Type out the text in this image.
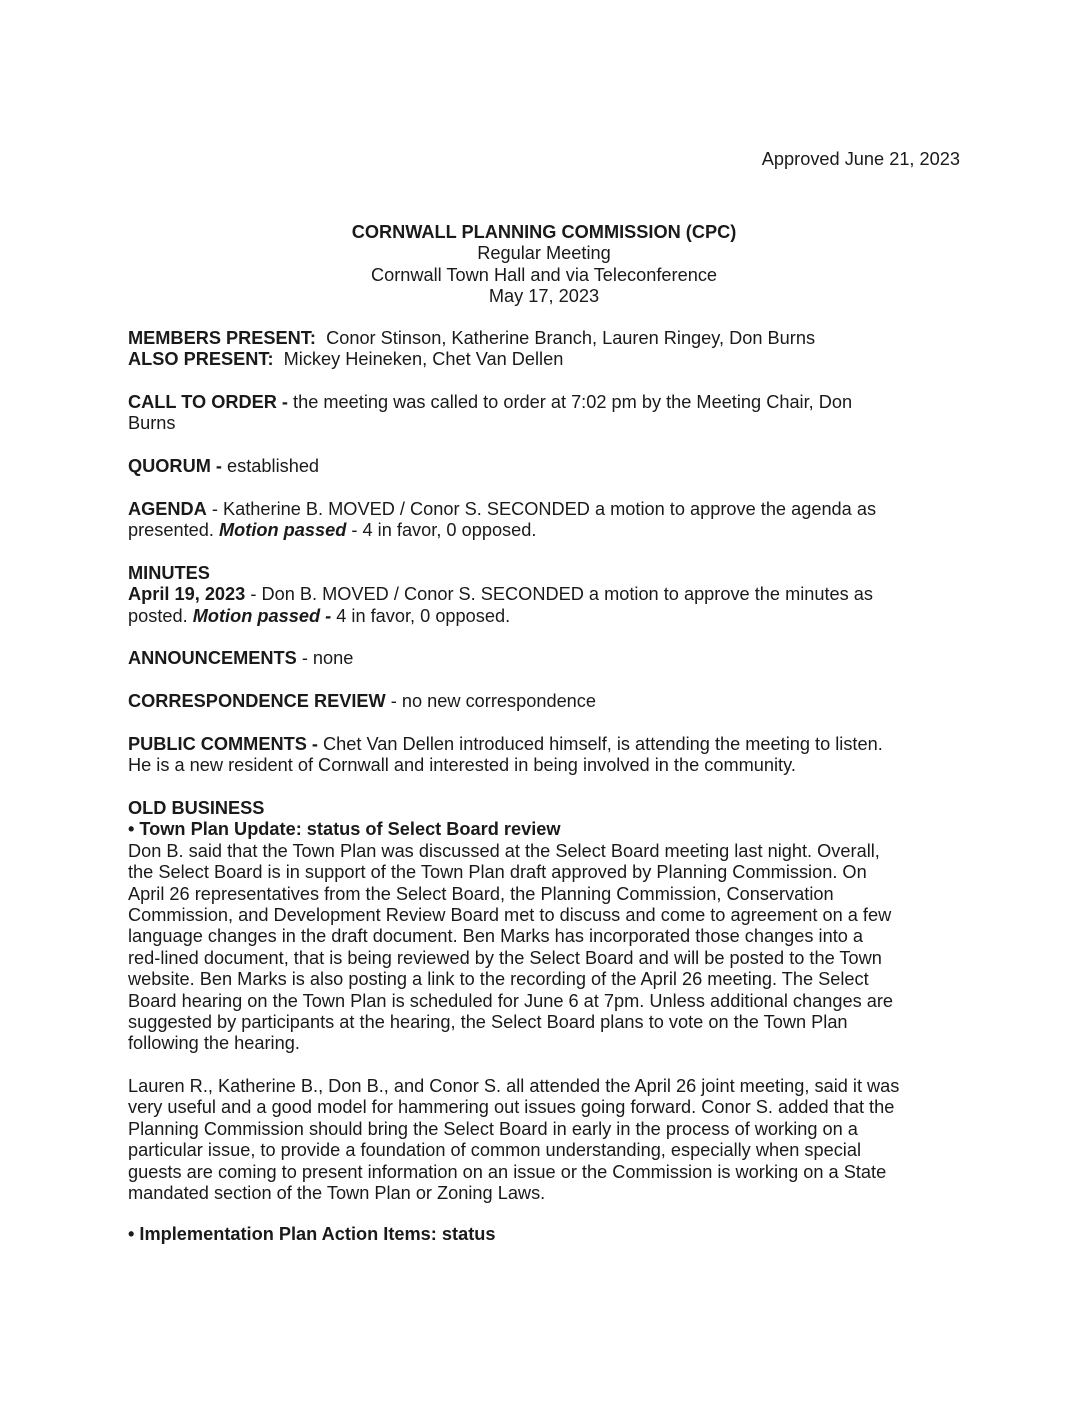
Approved June 21, 2023
CORNWALL PLANNING COMMISSION (CPC)
Regular Meeting
Cornwall Town Hall and via Teleconference
May 17, 2023
MEMBERS PRESENT: Conor Stinson, Katherine Branch, Lauren Ringey, Don Burns
ALSO PRESENT: Mickey Heineken, Chet Van Dellen
CALL TO ORDER - the meeting was called to order at 7:02 pm by the Meeting Chair, Don
Burns
QUORUM - established
AGENDA - Katherine B. MOVED / Conor S. SECONDED a motion to approve the agenda as
presented. Motion passed - 4 in favor, 0 opposed.
MINUTES
April 19, 2023 - Don B. MOVED / Conor S. SECONDED a motion to approve the minutes as
posted. Motion passed - 4 in favor, 0 opposed.
ANNOUNCEMENTS - none
CORRESPONDENCE REVIEW - no new correspondence
PUBLIC COMMENTS - Chet Van Dellen introduced himself, is attending the meeting to listen.
He is a new resident of Cornwall and interested in being involved in the community.
OLD BUSINESS
• Town Plan Update: status of Select Board review
Don B. said that the Town Plan was discussed at the Select Board meeting last night. Overall,
the Select Board is in support of the Town Plan draft approved by Planning Commission. On
April 26 representatives from the Select Board, the Planning Commission, Conservation
Commission, and Development Review Board met to discuss and come to agreement on a few
language changes in the draft document. Ben Marks has incorporated those changes into a
red-lined document, that is being reviewed by the Select Board and will be posted to the Town
website. Ben Marks is also posting a link to the recording of the April 26 meeting. The Select
Board hearing on the Town Plan is scheduled for June 6 at 7pm. Unless additional changes are
suggested by participants at the hearing, the Select Board plans to vote on the Town Plan
following the hearing.
Lauren R., Katherine B., Don B., and Conor S. all attended the April 26 joint meeting, said it was
very useful and a good model for hammering out issues going forward. Conor S. added that the
Planning Commission should bring the Select Board in early in the process of working on a
particular issue, to provide a foundation of common understanding, especially when special
guests are coming to present information on an issue or the Commission is working on a State
mandated section of the Town Plan or Zoning Laws.
• Implementation Plan Action Items: status
